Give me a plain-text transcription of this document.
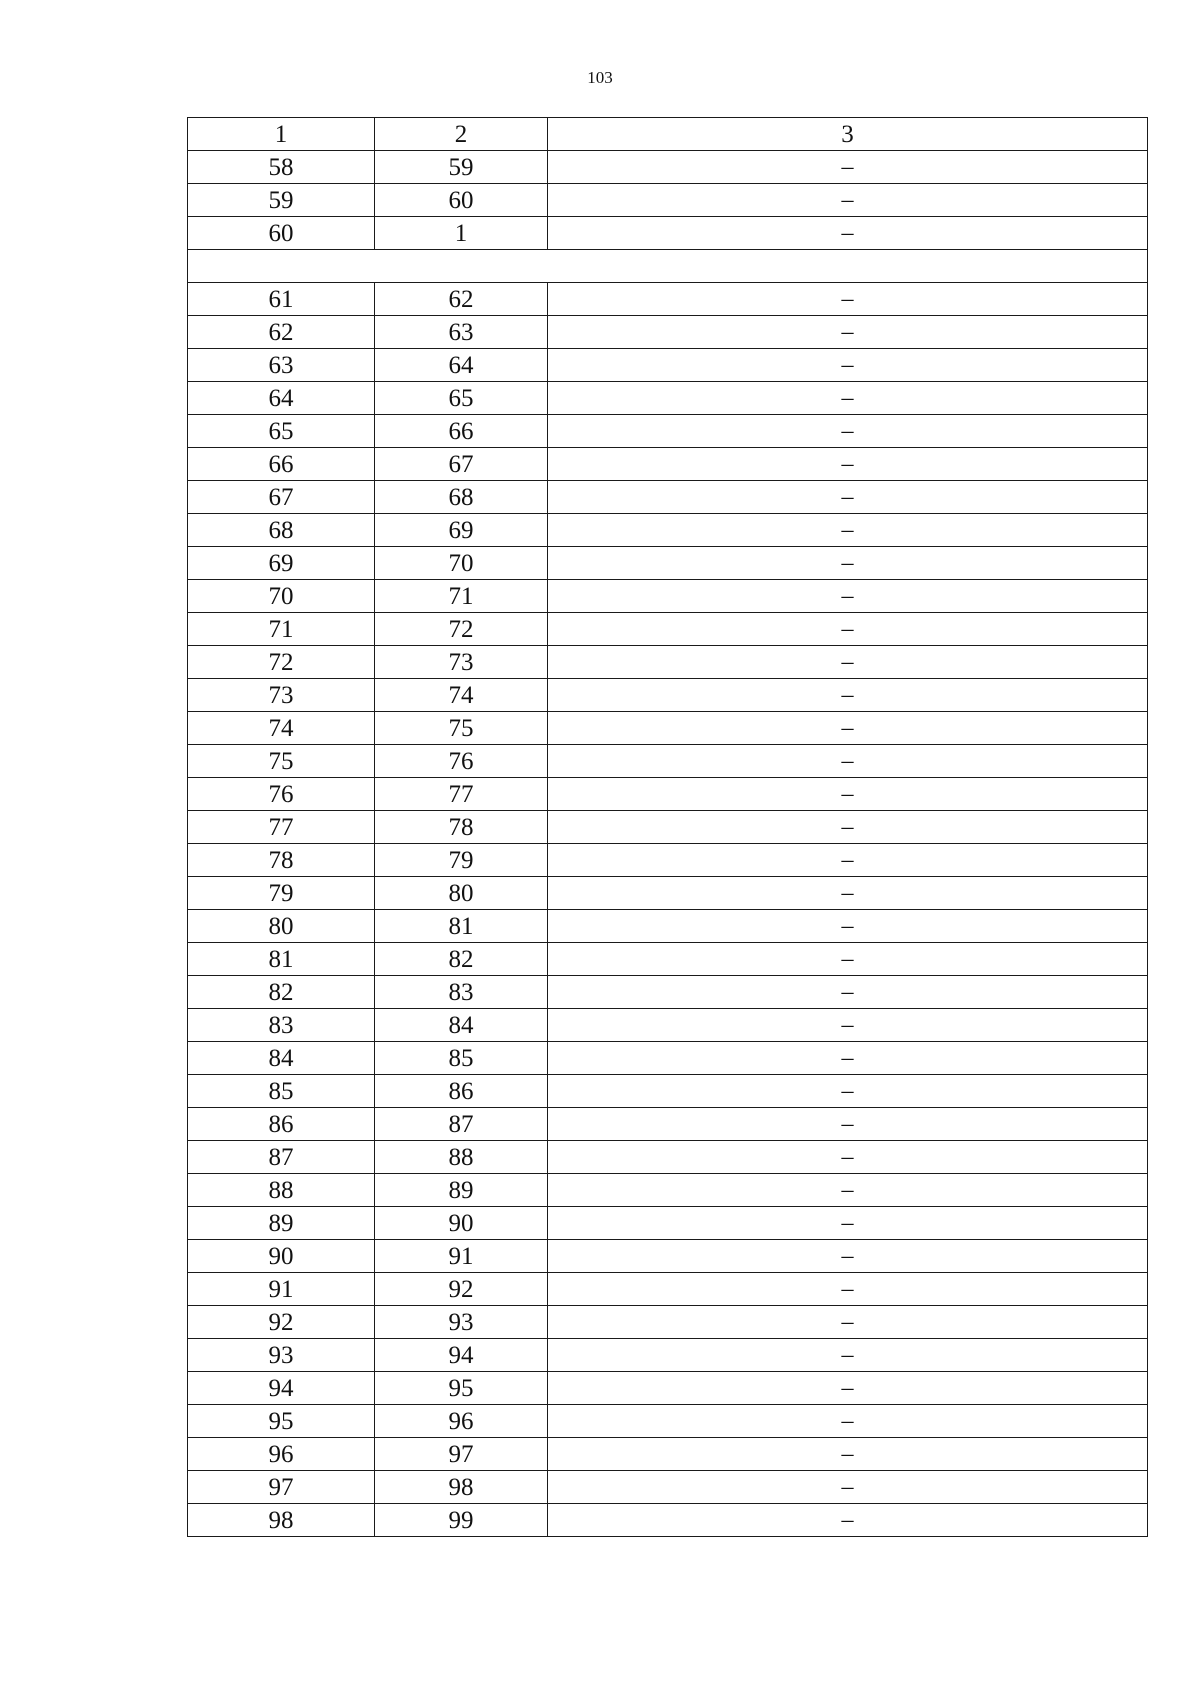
103
1	2	3
58	59	–
59	60	–
60	1	–

61	62	–
62	63	–
63	64	–
64	65	–
65	66	–
66	67	–
67	68	–
68	69	–
69	70	–
70	71	–
71	72	–
72	73	–
73	74	–
74	75	–
75	76	–
76	77	–
77	78	–
78	79	–
79	80	–
80	81	–
81	82	–
82	83	–
83	84	–
84	85	–
85	86	–
86	87	–
87	88	–
88	89	–
89	90	–
90	91	–
91	92	–
92	93	–
93	94	–
94	95	–
95	96	–
96	97	–
97	98	–
98	99	–
